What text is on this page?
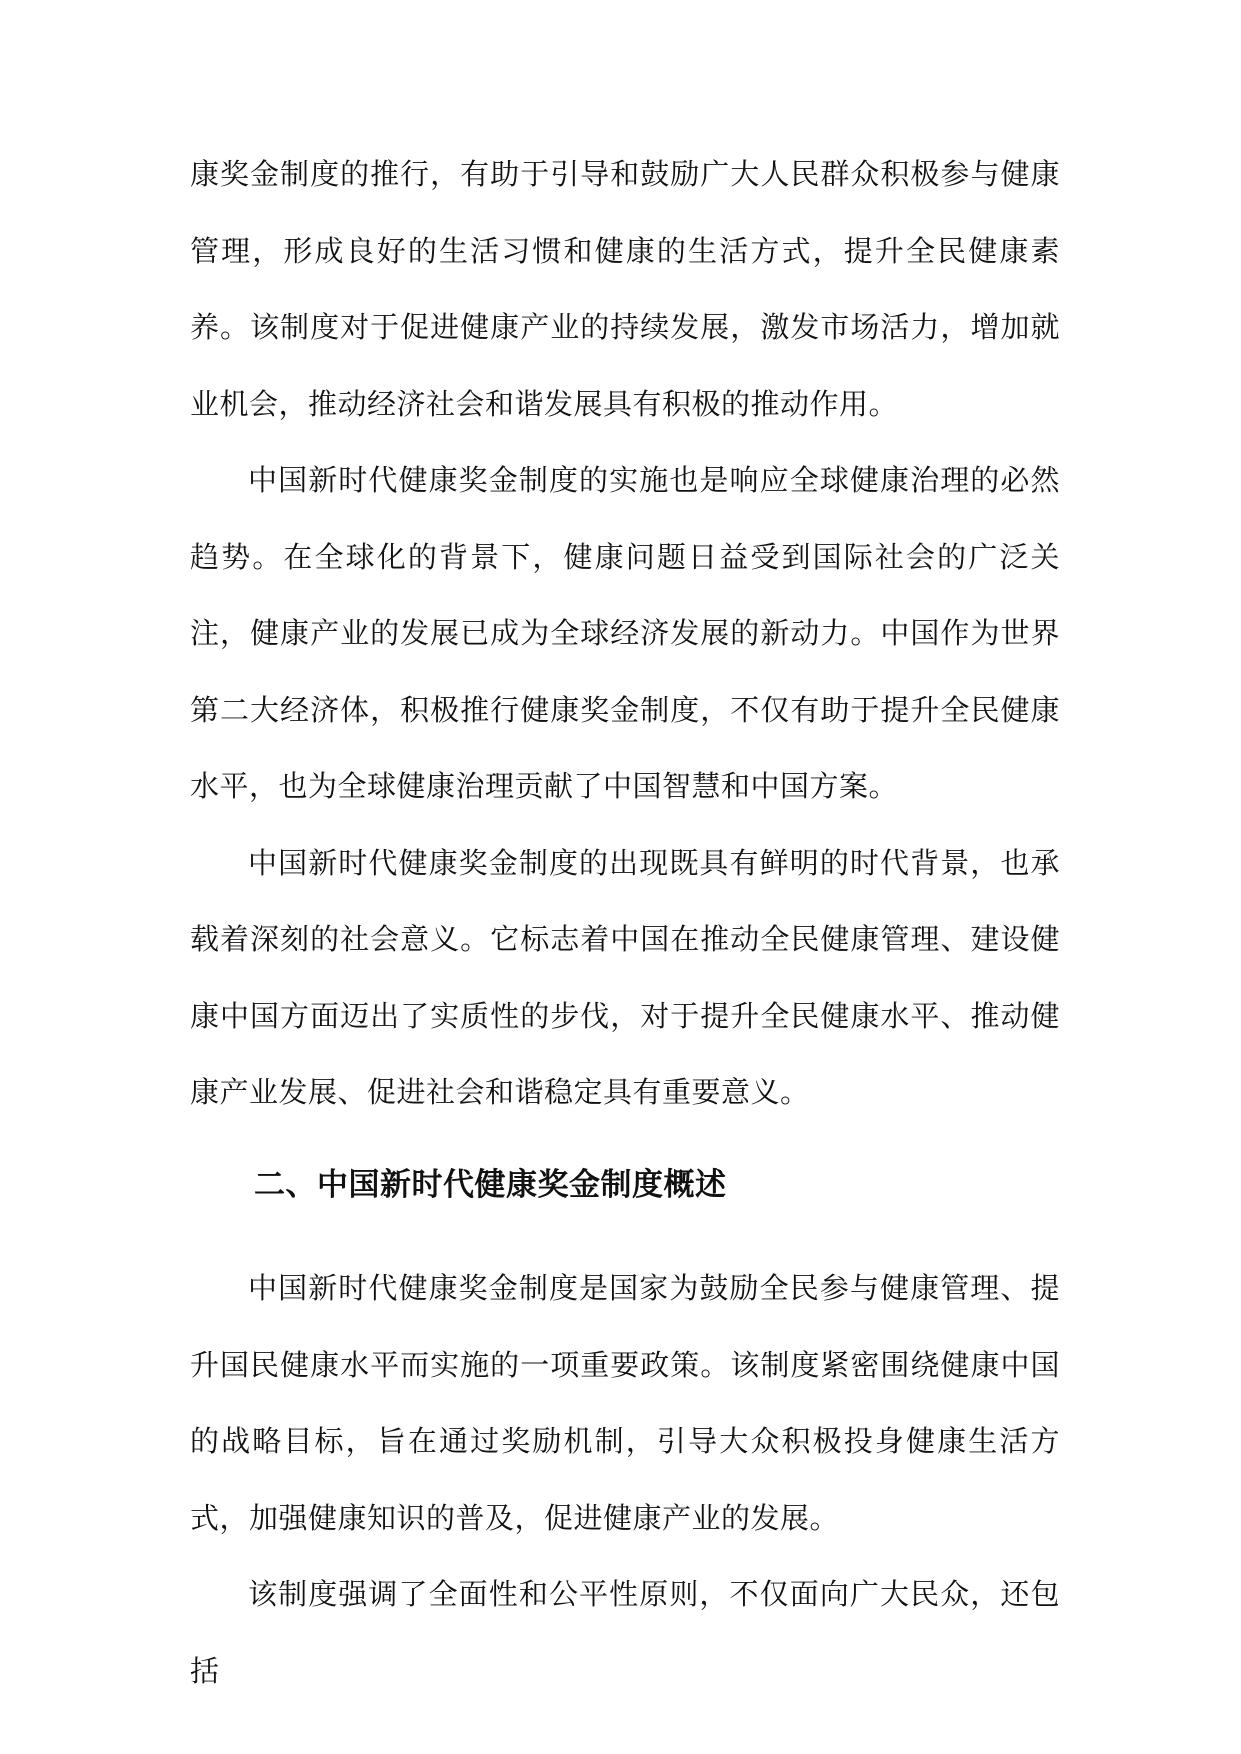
康奖金制度的推行，有助于引导和鼓励广大人民群众积极参与健康管理，形成良好的生活习惯和健康的生活方式，提升全民健康素养。该制度对于促进健康产业的持续发展，激发市场活力，增加就业机会，推动经济社会和谐发展具有积极的推动作用。

中国新时代健康奖金制度的实施也是响应全球健康治理的必然趋势。在全球化的背景下，健康问题日益受到国际社会的广泛关注，健康产业的发展已成为全球经济发展的新动力。中国作为世界第二大经济体，积极推行健康奖金制度，不仅有助于提升全民健康水平，也为全球健康治理贡献了中国智慧和中国方案。

中国新时代健康奖金制度的出现既具有鲜明的时代背景，也承载着深刻的社会意义。它标志着中国在推动全民健康管理、建设健康中国方面迈出了实质性的步伐，对于提升全民健康水平、推动健康产业发展、促进社会和谐稳定具有重要意义。

二、中国新时代健康奖金制度概述

中国新时代健康奖金制度是国家为鼓励全民参与健康管理、提升国民健康水平而实施的一项重要政策。该制度紧密围绕健康中国的战略目标，旨在通过奖励机制，引导大众积极投身健康生活方式，加强健康知识的普及，促进健康产业的发展。

该制度强调了全面性和公平性原则，不仅面向广大民众，还包括
